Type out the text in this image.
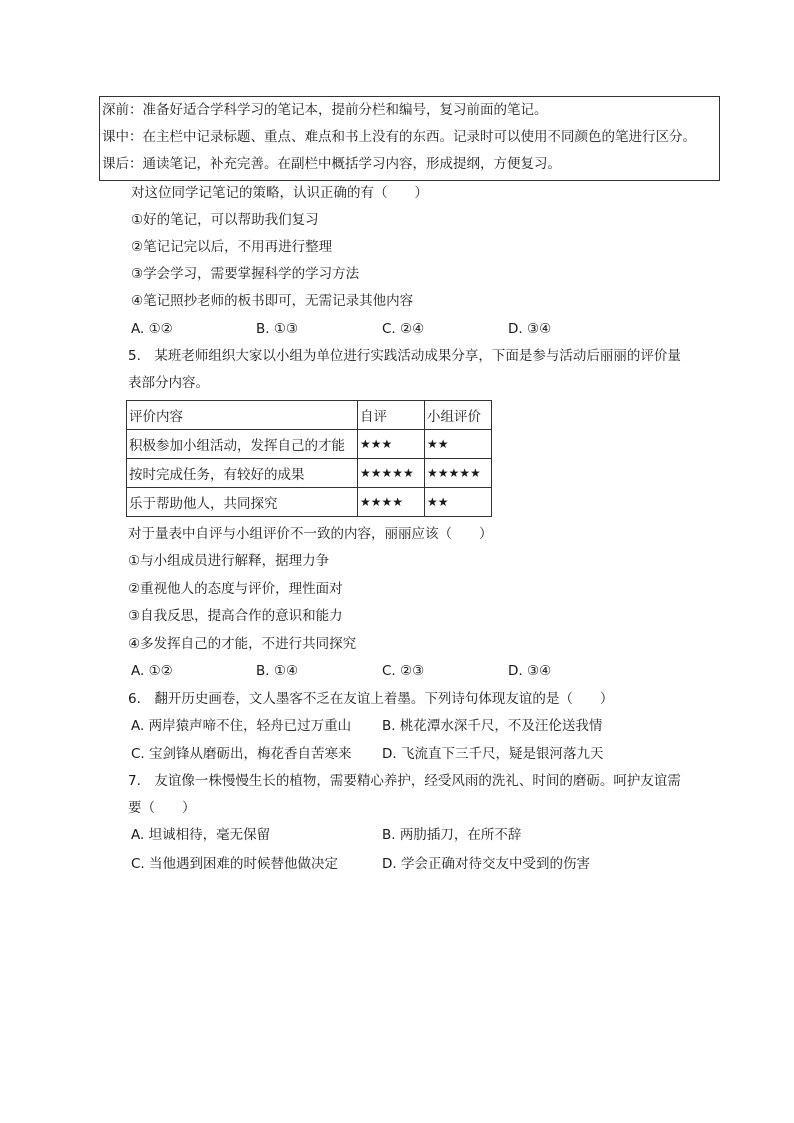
深前：准备好适合学科学习的笔记本，提前分栏和编号，复习前面的笔记。
课中：在主栏中记录标题、重点、难点和书上没有的东西。记录时可以使用不同颜色的笔进行区分。
课后：通读笔记，补充完善。在副栏中概括学习内容，形成提纲，方便复习。
对这位同学记笔记的策略，认识正确的有（　　）
①好的笔记，可以帮助我们复习
②笔记记完以后，不用再进行整理
③学会学习，需要掌握科学的学习方法
④笔记照抄老师的板书即可，无需记录其他内容
A. ①②	B. ①③	C. ②④	D. ③④
5.　某班老师组织大家以小组为单位进行实践活动成果分享，下面是参与活动后丽丽的评价量
表部分内容。
评价内容	自评	小组评价
积极参加小组活动，发挥自己的才能	★★★	★★
按时完成任务，有较好的成果	★★★★★	★★★★★
乐于帮助他人，共同探究	★★★★	★★
对于量表中自评与小组评价不一致的内容，丽丽应该（　　）
①与小组成员进行解释，据理力争
②重视他人的态度与评价，理性面对
③自我反思，提高合作的意识和能力
④多发挥自己的才能，不进行共同探究
A. ①②	B. ①④	C. ②③	D. ③④
6.　翻开历史画卷，文人墨客不乏在友谊上着墨。下列诗句体现友谊的是（　　）
A. 两岸猿声啼不住，轻舟已过万重山 B. 桃花潭水深千尺，不及汪伦送我情
C. 宝剑锋从磨砺出，梅花香自苦寒来 D. 飞流直下三千尺，疑是银河落九天
7.　友谊像一株慢慢生长的植物，需要精心养护，经受风雨的洗礼、时间的磨砺。呵护友谊需
要（　　）
A. 坦诚相待，毫无保留	B. 两肋插刀，在所不辞
C. 当他遇到困难的时候替他做决定	D. 学会正确对待交友中受到的伤害
